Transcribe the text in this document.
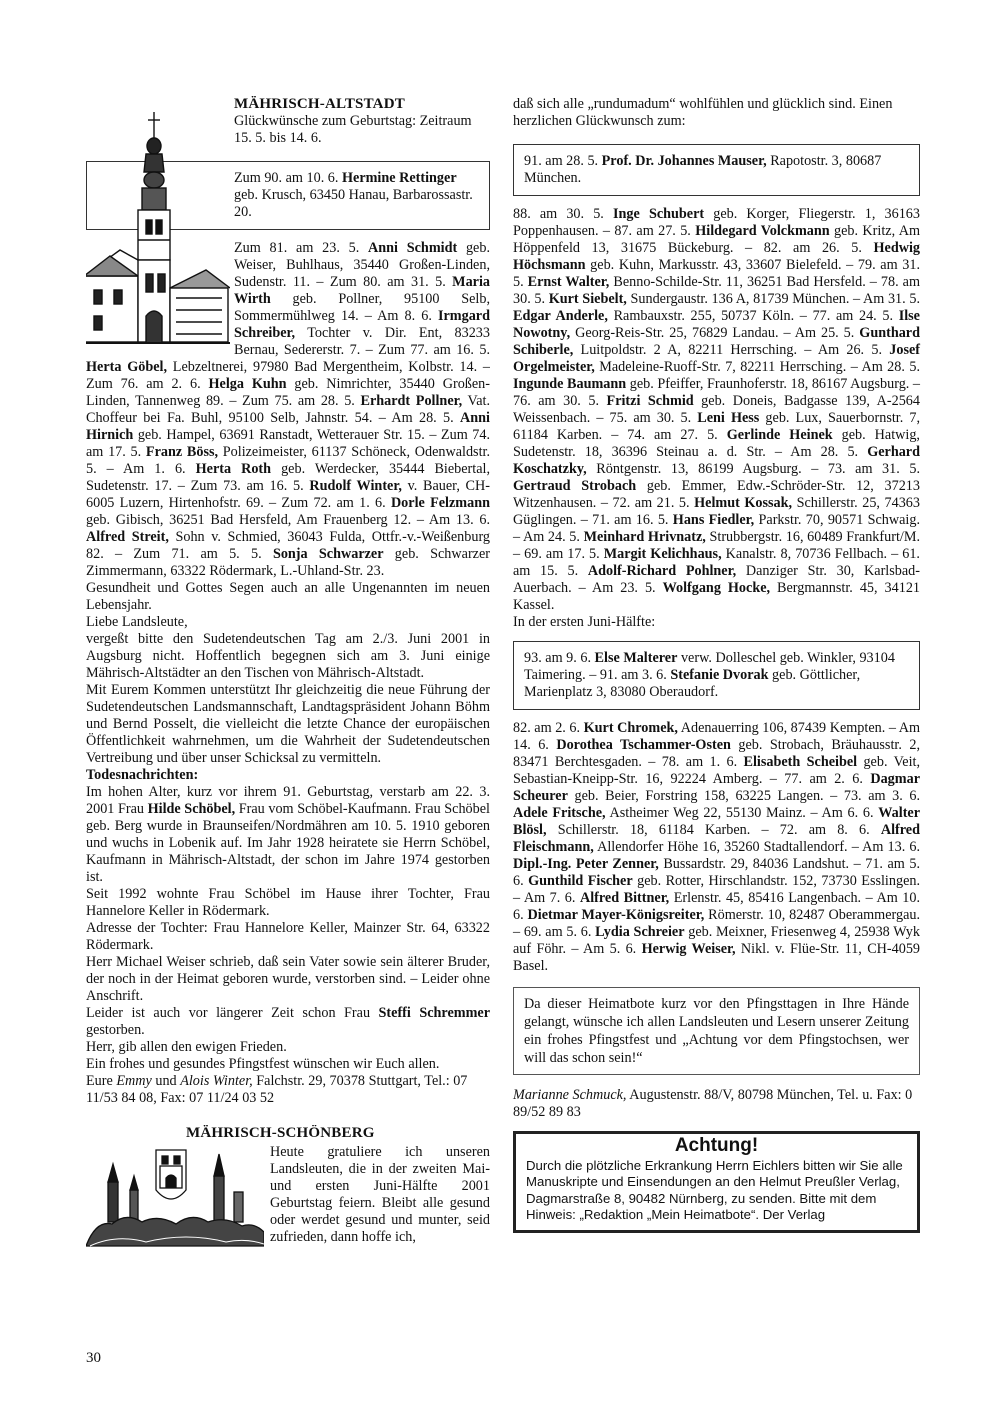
MÄHRISCH-ALTSTADT

Glückwünsche zum Geburtstag: Zeitraum 15. 5. bis 14. 6.

Zum 90. am 10. 6. Hermine Rettinger geb. Krusch, 63450 Hanau, Barbarossastr. 20.

Zum 81. am 23. 5. Anni Schmidt geb. Weiser, Buhlhaus, 35440 Großen-Linden, Sudenstr. 11. – Zum 80. am 31. 5. Maria Wirth geb. Pollner, 95100 Selb, Sommermühlweg 14. – Am 8. 6. Irmgard Schreiber, Tochter v. Dir. Ent, 83233 Bernau, Sedererstr. 7. – Zum 77. am 16. 5. Herta Göbel, Lebzeltnerei, 97980 Bad Mergentheim, Kolbstr. 14. – Zum 76. am 2. 6. Helga Kuhn geb. Nimrichter, 35440 Großen-Linden, Tannenweg 89. – Zum 75. am 28. 5. Erhardt Pollner, Vat. Choffeur bei Fa. Buhl, 95100 Selb, Jahnstr. 54. – Am 28. 5. Anni Hirnich geb. Hampel, 63691 Ranstadt, Wetterauer Str. 15. – Zum 74. am 17. 5. Franz Böss, Polizeimeister, 61137 Schöneck, Odenwaldstr. 5. – Am 1. 6. Herta Roth geb. Werdecker, 35444 Biebertal, Sudetenstr. 17. – Zum 73. am 16. 5. Rudolf Winter, v. Bauer, CH-6005 Luzern, Hirtenhofstr. 69. – Zum 72. am 1. 6. Dorle Felzmann geb. Gibisch, 36251 Bad Hersfeld, Am Frauenberg 12. – Am 13. 6. Alfred Streit, Sohn v. Schmied, 36043 Fulda, Ottfr.-v.-Weißenburg 82. – Zum 71. am 5. 5. Sonja Schwarzer geb. Schwarzer Zimmermann, 63322 Rödermark, L.-Uhland-Str. 23.

Gesundheit und Gottes Segen auch an alle Ungenannten im neuen Lebensjahr.

Liebe Landsleute,

vergeßt bitte den Sudetendeutschen Tag am 2./3. Juni 2001 in Augsburg nicht. Hoffentlich begegnen sich am 3. Juni einige Mährisch-Altstädter an den Tischen von Mährisch-Altstadt.

Mit Eurem Kommen unterstützt Ihr gleichzeitig die neue Führung der Sudetendeutschen Landsmannschaft, Landtagspräsident Johann Böhm und Bernd Posselt, die vielleicht die letzte Chance der europäischen Öffentlichkeit wahrnehmen, um die Wahrheit der Sudetendeutschen Vertreibung und über unser Schicksal zu vermitteln.

Todesnachrichten:

Im hohen Alter, kurz vor ihrem 91. Geburtstag, verstarb am 22. 3. 2001 Frau Hilde Schöbel, Frau vom Schöbel-Kaufmann. Frau Schöbel geb. Berg wurde in Braunseifen/Nordmähren am 10. 5. 1910 geboren und wuchs in Lobenik auf. Im Jahr 1928 heiratete sie Herrn Schöbel, Kaufmann in Mährisch-Altstadt, der schon im Jahre 1974 gestorben ist.

Seit 1992 wohnte Frau Schöbel im Hause ihrer Tochter, Frau Hannelore Keller in Rödermark.

Adresse der Tochter: Frau Hannelore Keller, Mainzer Str. 64, 63322 Rödermark.

Herr Michael Weiser schrieb, daß sein Vater sowie sein älterer Bruder, der noch in der Heimat geboren wurde, verstorben sind. – Leider ohne Anschrift.

Leider ist auch vor längerer Zeit schon Frau Steffi Schremmer gestorben.

Herr, gib allen den ewigen Frieden.

Ein frohes und gesundes Pfingstfest wünschen wir Euch allen.

Eure Emmy und Alois Winter, Falchstr. 29, 70378 Stuttgart, Tel.: 07 11/53 84 08, Fax: 07 11/24 03 52

MÄHRISCH-SCHÖNBERG

Heute gratuliere ich unseren Landsleuten, die in der zweiten Mai- und ersten Juni-Hälfte 2001 Geburtstag feiern. Bleibt alle gesund oder werdet gesund und munter, seid zufrieden, dann hoffe ich,

daß sich alle „rundumadum“ wohlfühlen und glücklich sind. Einen herzlichen Glückwunsch zum:

91. am 28. 5. Prof. Dr. Johannes Mauser, Rapotostr. 3, 80687 München.

88. am 30. 5. Inge Schubert geb. Korger, Fliegerstr. 1, 36163 Poppenhausen. – 87. am 27. 5. Hildegard Volckmann geb. Kritz, Am Höppenfeld 13, 31675 Bückeburg. – 82. am 26. 5. Hedwig Höchsmann geb. Kuhn, Markusstr. 43, 33607 Bielefeld. – 79. am 31. 5. Ernst Walter, Benno-Schilde-Str. 11, 36251 Bad Hersfeld. – 78. am 30. 5. Kurt Siebelt, Sundergaustr. 136 A, 81739 München. – Am 31. 5. Edgar Anderle, Rambauxstr. 255, 50737 Köln. – 77. am 24. 5. Ilse Nowotny, Georg-Reis-Str. 25, 76829 Landau. – Am 25. 5. Gunthard Schiberle, Luitpoldstr. 2 A, 82211 Herrsching. – Am 26. 5. Josef Orgelmeister, Madeleine-Ruoff-Str. 7, 82211 Herrsching. – Am 28. 5. Ingunde Baumann geb. Pfeiffer, Fraunhoferstr. 18, 86167 Augsburg. – 76. am 30. 5. Fritzi Schmid geb. Doneis, Badgasse 139, A-2564 Weissenbach. – 75. am 30. 5. Leni Hess geb. Lux, Sauerbornstr. 7, 61184 Karben. – 74. am 27. 5. Gerlinde Heinek geb. Hatwig, Sudetenstr. 18, 36396 Steinau a. d. Str. – Am 28. 5. Gerhard Koschatzky, Röntgenstr. 13, 86199 Augsburg. – 73. am 31. 5. Gertraud Strobach geb. Emmer, Edw.-Schröder-Str. 12, 37213 Witzenhausen. – 72. am 21. 5. Helmut Kossak, Schillerstr. 25, 74363 Güglingen. – 71. am 16. 5. Hans Fiedler, Parkstr. 70, 90571 Schwaig. – Am 24. 5. Meinhard Hrivnatz, Strubbergstr. 16, 60489 Frankfurt/M. – 69. am 17. 5. Margit Kelichhaus, Kanalstr. 8, 70736 Fellbach. – 61. am 15. 5. Adolf-Richard Pohlner, Danziger Str. 30, Karlsbad-Auerbach. – Am 23. 5. Wolfgang Hocke, Bergmannstr. 45, 34121 Kassel.

In der ersten Juni-Hälfte:

93. am 9. 6. Else Malterer verw. Dolleschel geb. Winkler, 93104 Taimering. – 91. am 3. 6. Stefanie Dvorak geb. Göttlicher, Marienplatz 3, 83080 Oberaudorf.

82. am 2. 6. Kurt Chromek, Adenauerring 106, 87439 Kempten. – Am 14. 6. Dorothea Tschammer-Osten geb. Strobach, Bräuhausstr. 2, 83471 Berchtesgaden. – 78. am 1. 6. Elisabeth Scheibel geb. Veit, Sebastian-Kneipp-Str. 16, 92224 Amberg. – 77. am 2. 6. Dagmar Scheurer geb. Beier, Forstring 158, 63225 Langen. – 73. am 3. 6. Adele Fritsche, Astheimer Weg 22, 55130 Mainz. – Am 6. 6. Walter Blösl, Schillerstr. 18, 61184 Karben. – 72. am 8. 6. Alfred Fleischmann, Allendorfer Höhe 16, 35260 Stadtallendorf. – Am 13. 6. Dipl.-Ing. Peter Zenner, Bussardstr. 29, 84036 Landshut. – 71. am 5. 6. Gunthild Fischer geb. Rotter, Hirschlandstr. 152, 73730 Esslingen. – Am 7. 6. Alfred Bittner, Erlenstr. 45, 85416 Langenbach. – Am 10. 6. Dietmar Mayer-Königsreiter, Römerstr. 10, 82487 Oberammergau. – 69. am 5. 6. Lydia Schreier geb. Meixner, Friesenweg 4, 25938 Wyk auf Föhr. – Am 5. 6. Herwig Weiser, Nikl. v. Flüe-Str. 11, CH-4059 Basel.

Da dieser Heimatbote kurz vor den Pfingsttagen in Ihre Hände gelangt, wünsche ich allen Landsleuten und Lesern unserer Zeitung ein frohes Pfingstfest und „Achtung vor dem Pfingstochsen, wer will das schon sein!“

Marianne Schmuck, Augustenstr. 88/V, 80798 München, Tel. u. Fax: 0 89/52 89 83

Achtung!

Durch die plötzliche Erkrankung Herrn Eichlers bitten wir Sie alle Manuskripte und Einsendungen an den Helmut Preußler Verlag, Dagmarstraße 8, 90482 Nürnberg, zu senden. Bitte mit dem Hinweis: „Redaktion „Mein Heimatbote“. Der Verlag

30
